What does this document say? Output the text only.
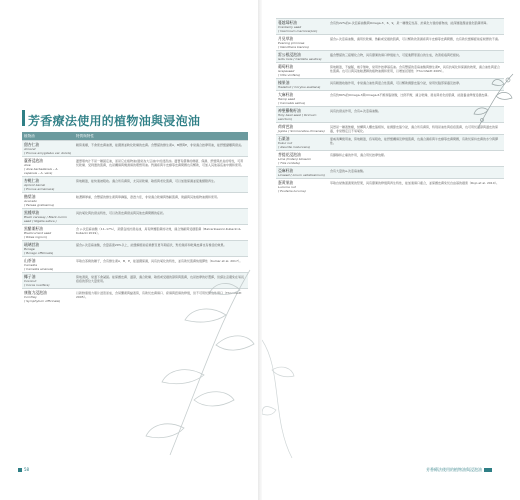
芳香療法使用的植物油與浸泡油
植物油	特質與特性

甜杏仁油
Almond
( Prunus amygdalus var. dulcis)	輕質柔順，不會使皮膚油滑，能潤滑並軟化乾燥的皮膚。含豐富的維生素A、B群與E，非常適合按摩用油，能舒緩搔癢與發炎。

蘆薈浸泡油
Aloe
( Aloe barbadensis – A. capensis – A. vera)	蘆薈葉肉汁不是一種固定油，而是它在植物油(通常為大豆油)中的浸泡油。蘆薈有優異的療癒、保濕、舒緩與抗炎的特性，可用於乾燥、受刺激的肌膚，也是曬傷與燒燙傷的理想用油。對濕疹與牛皮癬等皮膚問題也有幫助，可加入其他基底油中調和使用。

杏桃仁油
Apricot kernel
( Prunus armeniaca)	質地輕盈，能快速被吸收。適合所有膚質，尤其是乾燥、敏感與老化肌膚，可以加強保濕並促進細胞再生。

酪梨油
Avocado
( Persea gratissima)	較濃稠厚重，含豐富的維生素與卵磷脂，滲透力佳，非常適合乾燥與熟齡肌膚，建議與其他植物油調和使用。

黑種草油
Black caraway / Black cumin seed ( Nigella sativa )	具抗氧化與抗發炎特性，可以改善皮膚發炎與其他皮膚問題的症狀。

黑醋栗籽油
Blackcurrent seed
( Ribes nigrum)	含 γ-次亞麻油酸（11–17%），是優良的抗發炎油，具有修護肌膚的功效，適合熟齡與受損肌膚（Balcerkiewicz-Kubacki & Kubacki 2019）。

琉璃苣油
Borage
( Borago officinalis)	富含γ-次亞麻油酸，含量高達20%以上，能緩解經前症候群及更年期症狀，對於濕疹和乾燥皮膚也有極佳的效果。

山茶油
Camellia
( Camellia sinensis)	萃取自茶樹的種子，含有維生素A、B、E，能滋潤保濕，具有抗氧化的特性，並有助於肌膚恢復彈性（Kumar et al. 2017）。

椰子油
Coconut
( Cocos nucifera)	質地清爽，常溫下會凝固。能保護皮膚、頭髮，適合乾燥、敏感或受損的髮質與肌膚，也是按摩的好選擇，但請注意避免在易長痘痘的部位大量使用。

康復力浸泡油
Comfrey
( Symphytum officinale)	以新鮮康復力葉片浸泡而成，含尿囊素與黏液質，有助於皮膚傷口、瘀傷與扭傷的修復，但不可用於開放性傷口（Thornfeldt 2005）。
58
蔓越莓籽油
Cranberry seed
( Vaccinium macrocarpon)	含有約22%的α-次亞麻油酸與Omega-3、6、9，是一種穩定性高、抗氧化力強的植物油，能深層滋潤並強化肌膚屏障。

月見草油
Evening primrose
( Oenothera biennis)	富含γ-次亞麻油酸，適用於乾燥、熟齡或受損的肌膚，可以幫助改善濕疹與牛皮癬等皮膚問題，也有助於緩解經前症候群的不適。

雷公根浸泡油
Gotu kola ( Centella asiatica)	蘊含豐富的三萜類化合物，具有優異的傷口修復能力，可促進膠原蛋白的生成，改善疤痕與妊娠紋。

葡萄籽油
Grapeseed
( Vitis vinifera)	質地輕盈，不黏膩，幾乎無味，常用作按摩基底油。含有豐富的亞麻油酸與維生素E，具有抗氧化和保濕的效果，適合油性與混合性肌膚。也可以與其他較濃稠的植物油調和使用，以增加延展性（Thornfeldt 2005）。

榛果油
Hazelnut ( Corylus avellana)	具有輕微收斂作用，非常適合油性與混合性肌膚，可以幫助調節皮脂分泌，常用於臉部保養及按摩。

大麻籽油
Hemp seed
( Cannabis sativa)	含有約80%的Omega-3與Omega-6不飽和脂肪酸，比例平衡，適合乾燥、發炎與老化的肌膚，能滋養並修復受損皮膚。

神聖羅勒籽油
Holy basil seed ( Ocimum sanctum)	具有抗發炎作用，含有α-次亞麻油酸。

荷荷芭油
Jojoba ( Simmondsia chinensis)	其實是一種液態蠟，結構與人體皮脂相似，能調節皮脂分泌，適合所有膚質，特別是油性與痘痘肌膚，也可用於頭髮與頭皮的保養，非常穩定且不易氧化。

石栗油
Kukui nut
( Aleurite moluccans)	夏威夷傳統用油，質地輕盈，容易吸收，能舒緩曬傷及修復肌膚，也適合濕疹與牛皮癬等皮膚問題，有助於保持皮膚的水分與彈性。

菩提花浸泡油
Lime (linden) blossom
( Tilia cordata)	有鎮靜和止痛的作用，適合用於按摩放鬆。

亞麻籽油
Linseed ( Linum usitatissimum)	含有大量的α-次亞麻油酸。

蛋黃果油
Lucuma nut
( Pouteria lucuma)	萃取自祕魯蛋黃果的堅果，具有優異的修復與再生特性，能加速傷口癒合，並保護皮膚免於自由基的損害（Rojo et al. 2010）。
芳香療法使用的植物油與浸泡油
